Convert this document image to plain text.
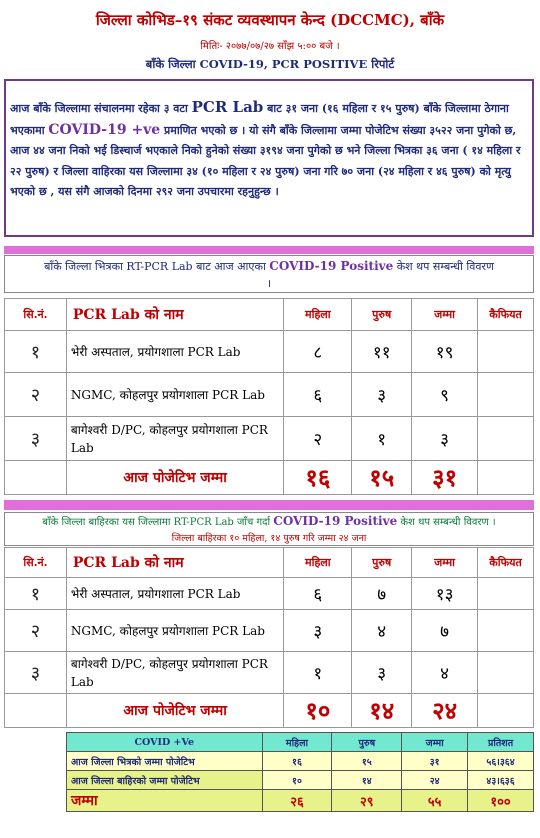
जिल्ला कोभिड–१९ संकट व्यवस्थापन केन्द (DCCMC), बाँके
मितिः- २०७७/०७/२७ साँझ ५:०० बजे ।
बाँके जिल्ला COVID-19, PCR POSITIVE रिपोर्ट
आज बाँके जिल्लामा संचालनमा रहेका ३ वटा PCR Lab बाट ३१ जना (१६ महिला र १५ पुरुष) बाँके जिल्लामा ठेगाना भएकामा COVID-19 +ve प्रमाणित भएको छ । यो संगै बाँके जिल्लामा जम्मा पोजेटिभ संख्या ३५२२ जना पुगेको छ, आज ४४ जना निको भई डिस्चार्ज भएकाले निको हुनेको संख्या ३१९४ जना पुगेको छ भने जिल्ला भित्रका ३६ जना ( १४ महिला र २२ पुरुष) र जिल्ला वाहिरका यस जिल्लामा ३४ (१० महिला र २४ पुरुष) जना गरि ७० जना (२४ महिला र ४६ पुरुष) को मृत्यु भएको छ , यस संगै आजको दिनमा २९२ जना उपचारमा रहनुहुन्छ ।
बाँके जिल्ला भित्रका RT-PCR Lab बाट आज आएका COVID-19 Positive केश थप सम्बन्धी विवरण
।
सि.नं.	PCR Lab को नाम	महिला	पुरुष	जम्मा	कैफियत
१	भेरी अस्पताल, प्रयोगशाला PCR Lab	८	११	१९	
२	NGMC, कोहलपुर प्रयोगशाला PCR Lab	६	३	९	
३	बागेश्वरी D/PC, कोहलपुर प्रयोगशाला PCR Lab	२	१	३	
	आज पोजेटिभ जम्मा	१६	१५	३१	
बाँके जिल्ला बाहिरका यस जिल्लामा RT-PCR Lab जाँच गर्दा COVID-19 Positive केश थप सम्बन्धी विवरण ।
जिल्ला बाहिरका १० महिला, १४ पुरुष गरि जम्मा २४ जना
सि.नं.	PCR Lab को नाम	महिला	पुरुष	जम्मा	कैफियत
१	भेरी अस्पताल, प्रयोगशाला PCR Lab	६	७	१३	
२	NGMC, कोहलपुर प्रयोगशाला PCR Lab	३	४	७	
३	बागेश्वरी D/PC, कोहलपुर प्रयोगशाला PCR Lab	१	३	४	
	आज पोजेटिभ जम्मा	१०	१४	२४	
COVID +Ve	महिला	पुरुष	जम्मा	प्रतिशत
आज जिल्ला भित्रको जम्मा पोजेटिभ	१६	१५	३१	५६।३६४
आज जिल्ला बाहिरको जम्मा पोजेटिभ	१०	१४	२४	४३।६३६
जम्मा	२६	२९	५५	१००
